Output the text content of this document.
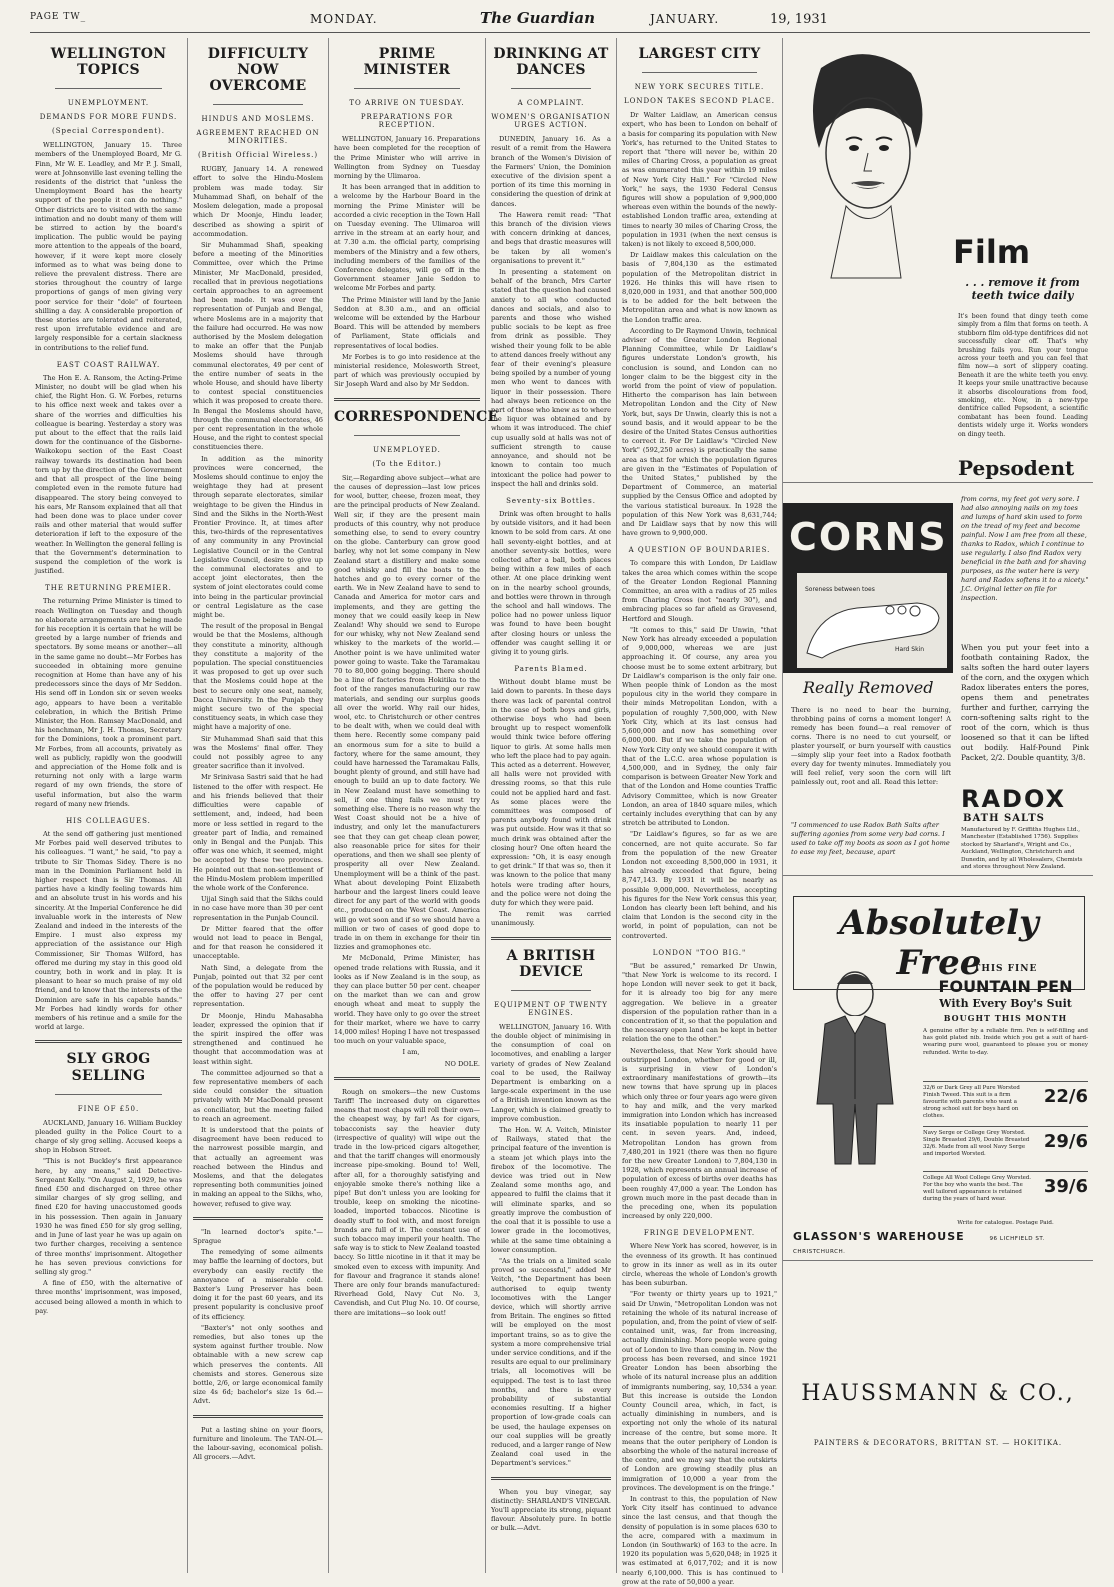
PAGE TW_	MONDAY.	The Guardian	JANUARY.	19, 1931
WELLINGTON TOPICS
UNEMPLOYMENT.
DEMANDS FOR MORE FUNDS.
(Special Correspondent).

WELLINGTON, January 15. Three members of the Unemployed Board, Mr G. Finn, Mr W. E. Leadley, and Mr P. J. Small, were at Johnsonville last evening telling the residents of the district that "unless the Unemployment Board has the hearty support of the people it can do nothing." Other districts are to visited with the same intimation and no doubt many of them will be stirred to action by the board's implication. The public would be paying more attention to the appeals of the board, however, if it were kept more closely informed as to what was being done to relieve the prevalent distress. There are stories throughout the country of large proportions of gangs of men giving very poor service for their "dole" of fourteen shilling a day. A considerable proportion of these stories are tolerated and reiterated, rest upon irrefutable evidence and are largely responsible for a certain slackness in contributions to the relief fund.

EAST COAST RAILWAY.

The Hon E. A. Ransom, the Acting-Prime Minister, no doubt will be glad when his chief, the Right Hon. G. W. Forbes, returns to his office next week and takes over a share of the worries and difficulties his colleague is bearing. Yesterday a story was put about to the effect that the rails laid down for the continuance of the Gisborne-Waikokopu section of the East Coast railway towards its destination had been torn up by the direction of the Government and that all prospect of the line being completed even in the remote future had disappeared. The story being conveyed to his ears, Mr Ransom explained that all that had been done was to place under cover rails and other material that would suffer deterioration if left to the exposure of the weather. In Wellington the general felling is that the Government's determination to suspend the completion of the work is justified.

THE RETURNING PREMIER.

The returning Prime Minister is timed to reach Wellington on Tuesday and though no elaborate arrangements are being made for his reception it is certain that he will be greeted by a large number of friends and spectators. By some means or another—all in the same game no doubt—Mr Forbes has succeeded in obtaining more genuine recognition at Home than have any of his predecessors since the days of Mr Seddon. His send off in London six or seven weeks ago, appears to have been a veritable celebration, in which the British Prime Minister, the Hon. Ramsay MacDonald, and his henchman, Mr J. H. Thomas, Secretary for the Dominions, took a prominent part. Mr Forbes, from all accounts, privately as well as publicly, rapidly won the goodwill and appreciation of the Home folk and is returning not only with a large warm regard of my own friends, the store of useful information, but also the warm regard of many new friends.

HIS COLLEAGUES.

At the send off gathering just mentioned Mr Forbes paid well deserved tributes to his colleagues. "I want," he said, "to pay a tribute to Sir Thomas Sidey. There is no man in the Dominion Parliament held in higher respect than is Sir Thomas. All parties have a kindly feeling towards him and an absolute trust in his words and his sincerity. At the Imperial Conference he did invaluable work in the interests of New Zealand and indeed in the interests of the Empire. I must also express my appreciation of the assistance our High Commissioner, Sir Thomas Wilford, has offered me during my stay in this good old country, both in work and in play. It is pleasant to hear so much praise of my old friend, and to know that the interests of the Dominion are safe in his capable hands." Mr Forbes had kindly words for other members of his retinue and a smile for the world at large.

SLY GROG SELLING
FINE OF £50.

AUCKLAND, January 16. William Buckley pleaded guilty in the Police Court to a charge of sly grog selling. Accused keeps a shop in Hobson Street.

"This is not Buckley's first appearance here, by any means," said Detective-Sergeant Kelly. "On August 2, 1929, he was fined £50 and discharged on three other similar charges of sly grog selling, and fined £20 for having unaccustomed goods in his possession. Then again in January 1930 he was fined £50 for sly grog selling, and in June of last year he was up again on two further charges, receiving a sentence of three months' imprisonment. Altogether he has seven previous convictions for selling sly grog."

A fine of £50, with the alternative of three months' imprisonment, was imposed, accused being allowed a month in which to pay.

DIFFICULTY NOW OVERCOME
HINDUS AND MOSLEMS.
AGREEMENT REACHED ON MINORITIES.
(British Official Wireless.)

RUGBY, January 14. A renewed effort to solve the Hindu-Moslem problem was made today. Sir Muhammad Shafi, on behalf of the Moslem delegation, made a proposal which Dr Moonje, Hindu leader, described as showing a spirit of accommodation.

Sir Muhammad Shafi, speaking before a meeting of the Minorities Committee, over which the Prime Minister, Mr MacDonald, presided, recalled that in previous negotiations certain approaches to an agreement had been made. It was over the representation of Punjab and Bengal, where Moslems are in a majority that the failure had occurred. He was now authorised by the Moslem delegation to make an offer that the Punjab Moslems should have through communal electorates, 49 per cent of the entire number of seats in the whole House, and should have liberty to contest special constituencies which it was proposed to create there. In Bengal the Moslems should have, through the communal electorates, 46 per cent representation in the whole House, and the right to contest special constituencies there.

In addition as the minority provinces were concerned, the Moslems should continue to enjoy the weightage they had at present through separate electorates, similar weightage to be given the Hindus in Sind and the Sikhs in the North-West Frontier Province. It, at times after this, two-thirds of the representatives of any community in any Provincial Legislative Council or in the Central Legislative Council, desire to give up the communal electorates and to accept joint electorates, then the system of joint electorates could come into being in the particular provincial or central Legislature as the case might be.

The result of the proposal in Bengal would be that the Moslems, although they constitute a minority, although they constitute a majority of the population. The special constituencies it was proposed to get up over such that the Moslems could hope at the best to secure only one seat, namely, Dacca University. In the Punjab they might secure two of the special constituency seats, in which case they might have a majority of one.

Sir Muhammad Shafi said that this was the Moslems' final offer. They could not possibly agree to any greater sacrifice than it involved.

Mr Srinivasa Sastri said that he had listened to the offer with respect. He and his friends believed that their difficulties were capable of settlement, and, indeed, had been more or less settled in regard to the greater part of India, and remained only in Bengal and the Punjab. This offer was one which, it seemed, might be accepted by these two provinces. He pointed out that non-settlement of the Hindu-Moslem problem imperilled the whole work of the Conference.

Ujjal Singh said that the Sikhs could in no case have more than 30 per cent representation in the Punjab Council.

Dr Mitter feared that the offer would not lead to peace in Bengal, and for that reason he considered it unacceptable.

Nath Sind, a delegate from the Punjab, pointed out that 32 per cent of the population would be reduced by the offer to having 27 per cent representation.

Dr Moonje, Hindu Mahasabha leader, expressed the opinion that if the spirit inspired the offer was strengthened and continued he thought that accommodation was at least within sight.

The committee adjourned so that a few representative members of each side could consider the situation privately with Mr MacDonald present as conciliator, but the meeting failed to reach an agreement.

It is understood that the points of disagreement have been reduced to the narrowest possible margin, and that actually an agreement was reached between the Hindus and Moslems, and that the delegates representing both communities joined in making an appeal to the Sikhs, who, however, refused to give way.

"In learned doctor's spite."—Sprague

The remedying of some ailments may baffle the learning of doctors, but everybody can easily rectify the annoyance of a miserable cold. Baxter's Lung Preserver has been doing it for the past 60 years, and its present popularity is conclusive proof of its efficiency.

"Baxter's" not only soothes and remedies, but also tones up the system against further trouble. Now obtainable with a new screw cap which preserves the contents. All chemists and stores. Generous size bottle, 2/6, or large economical family size 4s 6d; bachelor's size 1s 6d.—Advt.

Put a lasting shine on your floors, furniture and linoleum. The TAN-OL—the labour-saving, economical polish. All grocers.—Advt.

PRIME MINISTER
TO ARRIVE ON TUESDAY.
PREPARATIONS FOR RECEPTION.

WELLINGTON, January 16. Preparations have been completed for the reception of the Prime Minister who will arrive in Wellington from Sydney on Tuesday morning by the Ulimaroa.

It has been arranged that in addition to a welcome by the Harbour Board in the morning the Prime Minister will be accorded a civic reception in the Town Hall on Tuesday evening. The Ulimaroa will arrive in the stream at an early hour, and at 7.30 a.m. the official party, comprising members of the Ministry and a few others, including members of the families of the Conference delegates, will go off in the Government steamer Janie Seddon to welcome Mr Forbes and party.

The Prime Minister will land by the Janie Seddon at 8.30 a.m., and an official welcome will be extended by the Harbour Board. This will be attended by members of Parliament, State officials and representatives of local bodies.

Mr Forbes is to go into residence at the ministerial residence, Molesworth Street, part of which was previously occupied by Sir Joseph Ward and also by Mr Seddon.

CORRESPONDENCE
UNEMPLOYED.
(To the Editor.)

Sir,—Regarding above subject—what are the causes of depression—last low prices for wool, butter, cheese, frozen meat, they are the principal products of New Zealand. Well sir, if they are the present main products of this country, why not produce something else, to send to every country on the globe. Canterbury can grow good barley, why not let some company in New Zealand start a distillery and make some good whisky and fill the boats to the hatches and go to every corner of the earth. We in New Zealand have to send to Canada and America for motor cars and implements, and they are getting the money that we could easily keep in New Zealand! Why should we send to Europe for our whisky, why not New Zealand send whiskey to the markets of the world.—Another point is we have unlimited water power going to waste. Take the Taramakau 70 to 80,000 going begging. There should be a line of factories from Hokitika to the foot of the ranges manufacturing our raw materials, and sending our surplus goods all over the world. Why rail our hides, wool, etc. to Christchurch or other centres to be dealt with, when we could deal with them here. Recently some company paid an enormous sum for a site to build a factory, where for the same amount, they could have harnessed the Taramakau Falls, bought plenty of ground, and still have had enough to build an up to date factory. We in New Zealand must have something to sell, if one thing fails we must try something else. There is no reason why the West Coast should not be a hive of industry, and only let the manufacturers see that they can get cheap clean power, also reasonable price for sites for their operations, and then we shall see plenty of prosperity all over New Zealand. Unemployment will be a think of the past. What about developing Point Elizabeth harbour and the largest liners could leave direct for any part of the world with goods etc., produced on the West Coast. America will go wet soon and if so we should have a million or two of cases of good dope to trade in on them in exchange for their tin lizzies and gramophones etc.

Mr McDonald, Prime Minister, has opened trade relations with Russia, and it looks as if New Zealand is in the soup, as they can place butter 50 per cent. cheaper on the market than we can and grow enough wheat and meat to supply the world. They have only to go over the street for their market, where we have to carry 14,000 miles! Hoping I have not trespassed too much on your valuable space,

I am,

NO DOLE.

Rough on smokers—the new Customs Tariff! The increased duty on cigarettes means that most chaps will roll their own—the cheapest way, by far! As for cigars, tobacconists say the heavier duty (irrespective of quality) will wipe out the trade in the low-priced cigars altogether, and that the tariff changes will enormously increase pipe-smoking. Bound to! Well, after all, for a thoroughly satisfying and enjoyable smoke there's nothing like a pipe! But don't unless you are looking for trouble, keep on smoking the nicotine-loaded, imported tobaccos. Nicotine is deadly stuff to fool with, and most foreign brands are full of it. The constant use of such tobacco may imperil your health. The safe way is to stick to New Zealand toasted baccy. So little nicotine in it that it may be smoked even to excess with impunity. And for flavour and fragrance it stands alone! There are only four brands manufactured: Riverhead Gold, Navy Cut No. 3, Cavendish, and Cut Plug No. 10. Of course, there are imitations—so look out!

DRINKING AT DANCES
A COMPLAINT.
WOMEN'S ORGANISATION URGES ACTION.

DUNEDIN, January 16. As a result of a remit from the Hawera branch of the Women's Division of the Farmers' Union, the Dominion executive of the division spent a portion of its time this morning in considering the question of drink at dances.

The Hawera remit read: "That this branch of the division views with concern drinking at dances, and begs that drastic measures will be taken by all women's organisations to prevent it."

In presenting a statement on behalf of the branch, Mrs Carter stated that the question had caused anxiety to all who conducted dances and socials, and also to parents and those who wished public socials to be kept as free from drink as possible. They wished their young folk to be able to attend dances freely without any fear of their evening's pleasure being spoiled by a number of young men who went to dances with liquor in their possession. There had always been reticence on the part of those who knew as to where the liquor was obtained and by whom it was introduced. The chief cup usually sold at halls was not of sufficient strength to cause annoyance, and should not be known to contain too much intoxicant the police had power to inspect the hall and drinks sold.

Seventy-six Bottles.

Drink was often brought to halls by outside visitors, and it had been known to be sold from cars. At one hall seventy-eight bottles, and at another seventy-six bottles, were collected after a ball, both places being within a few miles of each other. At one place drinking went on in the nearby school grounds, and bottles were thrown in through the school and hall windows. The police had no power unless liquor was found to have been bought after closing hours or unless the offender was caught selling it or giving it to young girls.

Parents Blamed.

Without doubt blame must be laid down to parents. In these days there was lack of parental control in the case of both boys and girls, otherwise boys who had been brought up to respect womenfolk would think twice before offering liquor to girls. At some halls men who left the place had to pay again. This acted as a deterrent. However, all halls were not provided with dressing rooms, so that this rule could not be applied hard and fast. As some places were the committees was composed of parents anybody found with drink was put outside. How was it that so much drink was obtained after the closing hour? One often heard the expression: "Oh, it is easy enough to get drink." If that was so, then it was known to the police that many hotels were trading after hours, and the police were not doing the duty for which they were paid.

The remit was carried unanimously.

A BRITISH DEVICE
EQUIPMENT OF TWENTY ENGINES.

WELLINGTON, January 16. With the double object of minimising in the consumption of coal on locomotives, and enabling a larger variety of grades of New Zealand coal to be used, the Railway Department is embarking on a large-scale experiment in the use of a British invention known as the Langer, which is claimed greatly to improve combustion.

The Hon. W. A. Veitch, Minister of Railways, stated that the principal feature of the invention is a steam jet which plays into the firebox of the locomotive. The device was tried out in New Zealand some months ago, and appeared to fulfil the claims that it will eliminate sparks, and so greatly improve the combustion of the coal that it is possible to use a lower grade in the locomotives, while at the same time obtaining a lower consumption.

"As the trials on a limited scale proved so successful," added Mr Veitch, "the Department has been authorised to equip twenty locomotives with the Langer device, which will shortly arrive from Britain. The engines so fitted will be employed on the most important trains, so as to give the system a more comprehensive trial under service conditions, and if the results are equal to our preliminary trials, all locomotives will be equipped. The test is to last three months, and there is every probability of substantial economies resulting. If a higher proportion of low-grade coals can be used, the haulage expenses on our coal supplies will be greatly reduced, and a larger range of New Zealand coal used in the Department's services."

When you buy vinegar, say distinctly: SHARLAND'S VINEGAR. You'll appreciate its strong, piquant flavour. Absolutely pure. In bottle or bulk.—Advt.

LARGEST CITY
NEW YORK SECURES TITLE.
LONDON TAKES SECOND PLACE.

Dr Walter Laidlaw, an American census expert, who has been to London on behalf of a basis for comparing its population with New York's, has returned to the United States to report that "there will never be, within 20 miles of Charing Cross, a population as great as was enumerated this year within 19 miles of New York City Hall." For "Circled New York," he says, the 1930 Federal Census figures will show a population of 9,900,000 whereas even within the bounds of the newly-established London traffic area, extending at times to nearly 30 miles of Charing Cross, the population in 1931 (when the next census is taken) is not likely to exceed 8,500,000.

Dr Laidlaw makes this calculation on the basis of 7,804,130 as the estimated population of the Metropolitan district in 1926. He thinks this will have risen to 8,020,000 in 1931, and that another 500,000 is to be added for the belt between the Metropolitan area and what is now known as the London traffic area.

According to Dr Raymond Unwin, technical adviser of the Greater London Regional Planning Committee, while Dr Laidlaw's figures understate London's growth, his conclusion is sound, and London can no longer claim to be the biggest city in the world from the point of view of population. Hitherto the comparison has lain between Metropolitan London and the City of New York, but, says Dr Unwin, clearly this is not a sound basis, and it would appear to be the desire of the United States Census authorities to correct it. For Dr Laidlaw's "Circled New York" (592,250 acres) is practically the same area as that for which the population figures are given in the "Estimates of Population of the United States," published by the Department of Commerce, an material supplied by the Census Office and adopted by the various statistical bureaux. In 1928 the population of this New York was 8,631,744; and Dr Laidlaw says that by now this will have grown to 9,900,000.

A QUESTION OF BOUNDARIES.

To compare this with London, Dr Laidlaw takes the area which comes within the scope of the Greater London Regional Planning Committee, an area with a radius of 25 miles from Charing Cross (not "nearly 30"), and embracing places so far afield as Gravesend, Hertford and Slough.

"It comes to this," said Dr Unwin, "that New York has already exceeded a population of 9,000,000, whereas we are just approaching it. Of course, any area you choose must be to some extent arbitrary, but Dr Laidlaw's comparison is the only fair one. When people think of London as the most populous city in the world they compare in their minds Metropolitan London, with a population of roughly 7,500,000, with New York City, which at its last census had 5,600,000 and now has something over 6,000,000. But if we take the population of New York City only we should compare it with that of the L.C.C. area whose population is 4,500,000, and in Sydney, the only fair comparison is between Greater New York and that of the London and Home counties Traffic Advisory Committee, which is now Greater London, an area of 1840 square miles, which certainly includes everything that can by any stretch be attributed to London.

"Dr Laidlaw's figures, so far as we are concerned, are not quite accurate. So far from the population of the new Greater London not exceeding 8,500,000 in 1931, it has already exceeded that figure, being 8,747,143. By 1931 it will be nearly as possible 9,000,000. Nevertheless, accepting his figures for the New York census this year, London has clearly been left behind, and his claim that London is the second city in the world, in point of population, can not be controverted.

LONDON "TOO BIG."

"But be assured," remarked Dr Unwin, "that New York is welcome to its record. I hope London will never seek to get it back, for it is already too big for any mere aggregation. We believe in a greater dispersion of the population rather than in a concentration of it, so that the population and the necessary open land can be kept in better relation the one to the other."

Nevertheless, that New York should have outstripped London, whether for good or ill, is surprising in view of London's extraordinary manifestations of growth—its new towns that have sprung up in places which only three or four years ago were given to hay and milk, and the very marked immigration into London which has increased its insatiable population to nearly 11 per cent. in seven years. And, indeed, Metropolitan London has grown from 7,480,201 in 1921 (there was then no figure for the new Greater London) to 7,804,130 in 1928, which represents an annual increase of population of excess of births over deaths has been roughly 47,000 a year. The London has grown much more in the past decade than in the preceding one, when its population increased by only 220,000.

FRINGE DEVELOPMENT.

Where New York has scored, however, is in the evenness of its growth. It has continued to grow in its inner as well as in its outer circle, whereas the whole of London's growth has been suburban.

"For twenty or thirty years up to 1921," said Dr Unwin, "Metropolitan London was not retaining the whole of its natural increase of population, and, from the point of view of self-contained unit, was, far from increasing, actually diminishing. More people were going out of London to live than coming in. Now the process has been reversed, and since 1921 Greater London has been absorbing the whole of its natural increase plus an addition of immigrants numbering, say, 10,534 a year. But this increase is outside the London County Council area, which, in fact, is actually diminishing in numbers, and is exporting not only the whole of its natural increase of the centre, but some more. It means that the outer periphery of London is absorbing the whole of the natural increase of the centre, and we may say that the outskirts of London are growing steadily plus an immigration of 10,000 a year from the provinces. The development is on the fringe."

In contrast to this, the population of New York City itself has continued to advance since the last census, and that though the density of population is in some places 630 to the acre, compared with a maximum in London (in Southwark) of 163 to the acre. In 1920 its population was 5,620,048; in 1925 it was estimated at 6,017,702; and it is now nearly 6,100,000. This is has continued to grow at the rate of 50,000 a year.

Film
. . . remove it from teeth twice daily
It's been found that dingy teeth come simply from a film that forms on teeth. A stubborn film old-type dentifrices did not successfully clear off. That's why brushing fails you. Run your tongue across your teeth and you can feel that film now—a sort of slippery coating. Beneath it are the white teeth you envy. It keeps your smile unattractive because it absorbs discolourations from food, smoking, etc. Now, in a new-type dentifrice called Pepsodent, a scientific combatant has been found. Leading dentists widely urge it. Works wonders on dingy teeth.
Pepsodent
CORNS
Soreness between toes
Hard Skin
Really Removed
There is no need to bear the burning, throbbing pains of corns a moment longer! A remedy has been found—a real remover of corns. There is no need to cut yourself, or plaster yourself, or burn yourself with caustics—simply slip your feet into a Radox footbath every day for twenty minutes. Immediately you will feel relief, very soon the corn will lift painlessly out, root and all. Read this letter:
"I commenced to use Radox Bath Salts after suffering agonies from some very bad corns. I used to take off my boots as soon as I got home to ease my feet, because, apart
from corns, my feet got very sore. I had also annoying nails on my toes and lumps of hard skin used to form on the tread of my feet and become painful. Now I am free from all these, thanks to Radox, which I continue to use regularly. I also find Radox very beneficial in the bath and for shaving purposes, as the water here is very hard and Radox softens it to a nicety." J.C. Original letter on file for inspection.
When you put your feet into a footbath containing Radox, the salts soften the hard outer layers of the corn, and the oxygen which Radox liberates enters the pores, opens them and penetrates further and further, carrying the corn-softening salts right to the root of the corn, which is thus loosened so that it can be lifted out bodily. Half-Pound Pink Packet, 2/2. Double quantity, 3/8.
RADOX
BATH SALTS
Manufactured by F. Griffiths Hughes Ltd., Manchester (Established 1756). Supplies stocked by Sharland's, Wright and Co., Auckland, Wellington, Christchurch and Dunedin, and by all Wholesalers, Chemists and stores throughout New Zealand.
Absolutely Free
THIS FINE
FOUNTAIN PEN
With Every Boy's Suit
BOUGHT THIS MONTH
A genuine offer by a reliable firm. Pen is self-filling and has gold plated nib. Inside which you get a suit of hard-wearing pure wool, guaranteed to please you or money refunded. Write to-day.
32/6 or Dark Grey all Pure Worsted Finish Tweed. This suit is a firm favourite with parents who want a strong school suit for boys hard on clothes.
22/6
Navy Serge or College Grey Worsted. Single Breasted 29/6, Double Breasted 32/6. Made from all wool Navy Serge and imported Worsted.
29/6
College All Wool College Grey Worsted. For the boy who wants the best. The well tailored appearance is retained during the years of hard wear.
39/6
Write for catalogue. Postage Paid.
GLASSON'S WAREHOUSE	96 LICHFIELD ST. CHRISTCHURCH.
HAUSSMANN & CO.,
PAINTERS & DECORATORS, BRITTAN ST. — HOKITIKA.
